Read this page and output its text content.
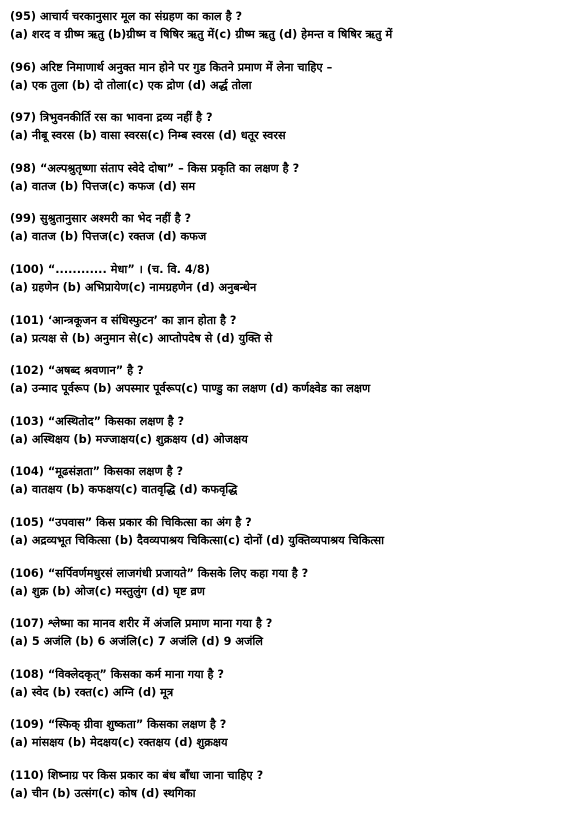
(95) आचार्य चरकानुसार मूल का संग्रहण का काल है ?
(a) शरद व ग्रीष्म ऋतु (b)ग्रीष्म व षिषिर ऋतु में(c) ग्रीष्म ऋतु (d) हेमन्त व षिषिर ऋतु में
(96) अरिष्ट निमाणार्थ अनुक्त मान होने पर गुड कितने प्रमाण में लेना चाहिए –
(a) एक तुला (b) दो तोला(c) एक द्रोण (d) अर्द्ध तोला
(97) त्रिभुवनकीर्ति रस का भावना द्रव्य नहीं है ?
(a) नीबू स्वरस (b) वासा स्वरस(c) निम्ब स्वरस (d) धतूर स्वरस
(98) “अल्पश्रुतृष्णा संताप स्वेदे दोषा” – किस प्रकृति का लक्षण है ?
(a) वातज (b) पित्तज(c) कफज (d) सम
(99) सुश्रुतानुसार अश्मरी का भेद नहीं है ?
(a) वातज (b) पित्तज(c) रक्तज (d) कफज
(100) “............ मेधा” । (च. वि. 4/8)
(a) ग्रहणेन (b) अभिप्रायेण(c) नामग्रहणेन (d) अनुबन्धेन
(101) ‘आन्त्रकूजन व संधिस्फुटन’ का ज्ञान होता है ?
(a) प्रत्यक्ष से (b) अनुमान से(c) आप्तोपदेष से (d) युक्ति से
(102) “अषब्द श्रवणान” है ?
(a) उन्माद पूर्वरूप (b) अपस्मार पूर्वरूप(c) पाण्डु का लक्षण (d) कर्णक्ष्वेड का लक्षण
(103) “अस्थितोद” किसका लक्षण है ?
(a) अस्थिक्षय (b) मज्जाक्षय(c) शुक्रक्षय (d) ओजक्षय
(104) “मूढसंज्ञता” किसका लक्षण है ?
(a) वातक्षय (b) कफक्षय(c) वातवृद्धि (d) कफवृद्धि
(105) “उपवास” किस प्रकार की चिकित्सा का अंग है ?
(a) अद्रव्यभूत चिकित्सा (b) दैवव्यपाश्रय चिकित्सा(c) दोनों (d) युक्तिव्यपाश्रय चिकित्सा
(106) “सर्पिवर्णमधुरसं लाजगंधी प्रजायते” किसके लिए कहा गया है ?
(a) शुक्र (b) ओज(c) मस्तुलुंग (d) घृष्ट व्रण
(107) श्लेष्मा का मानव शरीर में अंजलि प्रमाण माना गया है ?
(a) 5 अजंलि (b) 6 अजंलि(c) 7 अजंलि (d) 9 अजंलि
(108) “विक्लेदकृत्” किसका कर्म माना गया है ?
(a) स्वेद (b) रक्त(c) अग्नि (d) मूत्र
(109) “स्फिक् ग्रीवा शुष्कता” किसका लक्षण है ?
(a) मांसक्षय (b) मेदक्षय(c) रक्तक्षय (d) शुक्रक्षय
(110) शिष्नाग्र पर किस प्रकार का बंध बाँधा जाना चाहिए ?
(a) चीन (b) उत्संग(c) कोष (d) स्थगिका
